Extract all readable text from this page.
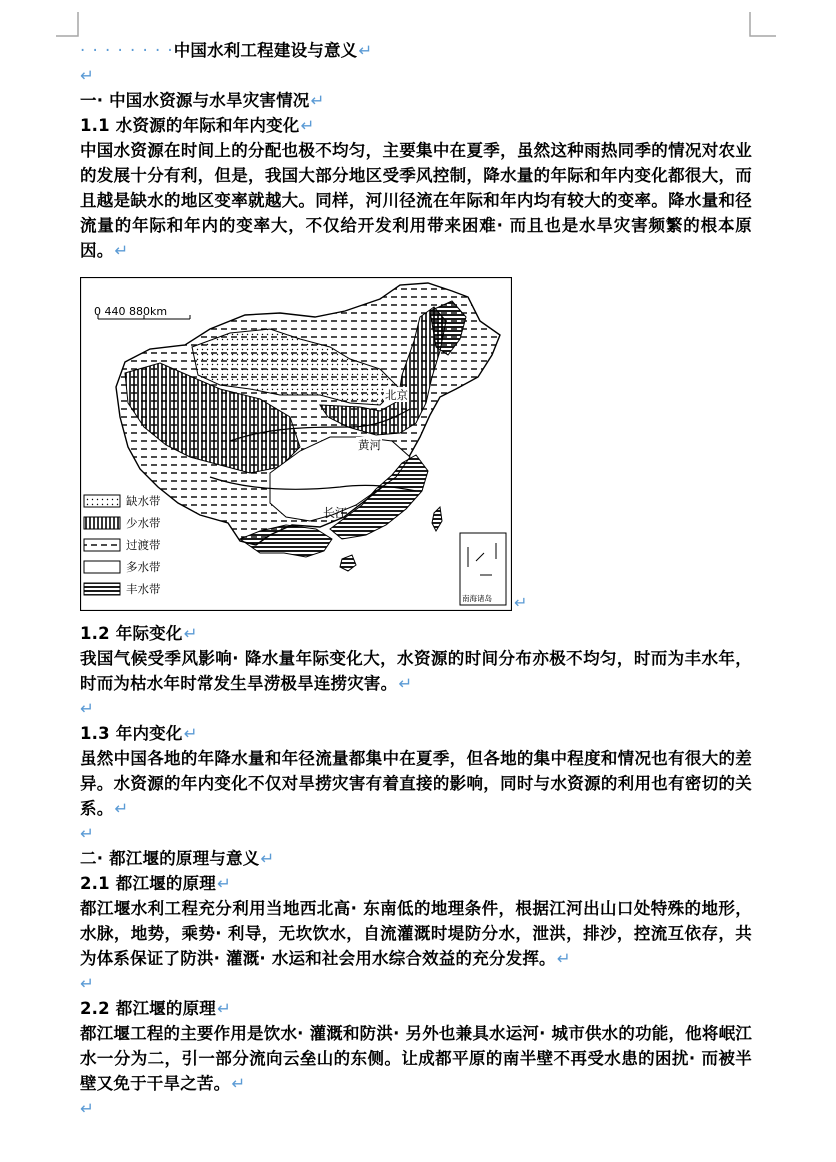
· · · · · · · ·中国水利工程建设与意义↵

↵

一· 中国水资源与水旱灾害情况↵

1.1 水资源的年际和年内变化↵

中国水资源在时间上的分配也极不均匀，主要集中在夏季，虽然这种雨热同季的情况对农业的发展十分有利，但是，我国大部分地区受季风控制，降水量的年际和年内变化都很大，而且越是缺水的地区变率就越大。同样，河川径流在年际和年内均有较大的变率。降水量和径流量的年际和年内的变率大，不仅给开发利用带来困难· 而且也是水旱灾害频繁的根本原因。↵

0 440 880km
北京
黄河
长江
南海诸岛
缺水带
少水带
过渡带
多水带
丰水带
↵

1.2 年际变化↵

我国气候受季风影响· 降水量年际变化大，水资源的时间分布亦极不均匀，时而为丰水年，时而为枯水年时常发生旱涝极旱连捞灾害。↵

↵

1.3 年内变化↵

虽然中国各地的年降水量和年径流量都集中在夏季，但各地的集中程度和情况也有很大的差异。水资源的年内变化不仅对旱捞灾害有着直接的影响，同时与水资源的利用也有密切的关系。↵

↵

二· 都江堰的原理与意义↵

2.1 都江堰的原理↵

都江堰水利工程充分利用当地西北高· 东南低的地理条件，根据江河出山口处特殊的地形，水脉，地势，乘势· 利导，无坎饮水，自流灌溉时堤防分水，泄洪，排沙，控流互依存，共为体系保证了防洪· 灌溉· 水运和社会用水综合效益的充分发挥。↵

↵

2.2 都江堰的原理↵

都江堰工程的主要作用是饮水· 灌溉和防洪· 另外也兼具水运河· 城市供水的功能，他将岷江水一分为二，引一部分流向云垒山的东侧。让成都平原的南半壁不再受水患的困扰· 而被半壁又免于干旱之苦。↵

↵
